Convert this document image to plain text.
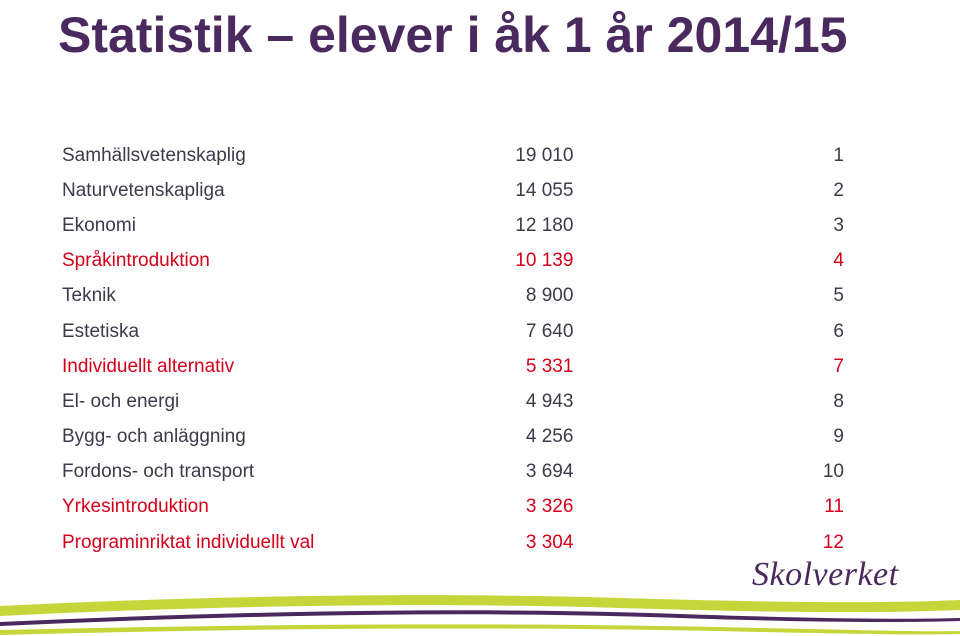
Statistik – elever i åk 1 år 2014/15
Samhällsvetenskaplig	19 010	1
Naturvetenskapliga	14 055	2
Ekonomi	12 180	3
Språkintroduktion	10 139	4
Teknik	8 900	5
Estetiska	7 640	6
Individuellt alternativ	5 331	7
El- och energi	4 943	8
Bygg- och anläggning	4 256	9
Fordons- och transport	3 694	10
Yrkesintroduktion	3 326	11
Programinriktat individuellt val	3 304	12
Skolverket
